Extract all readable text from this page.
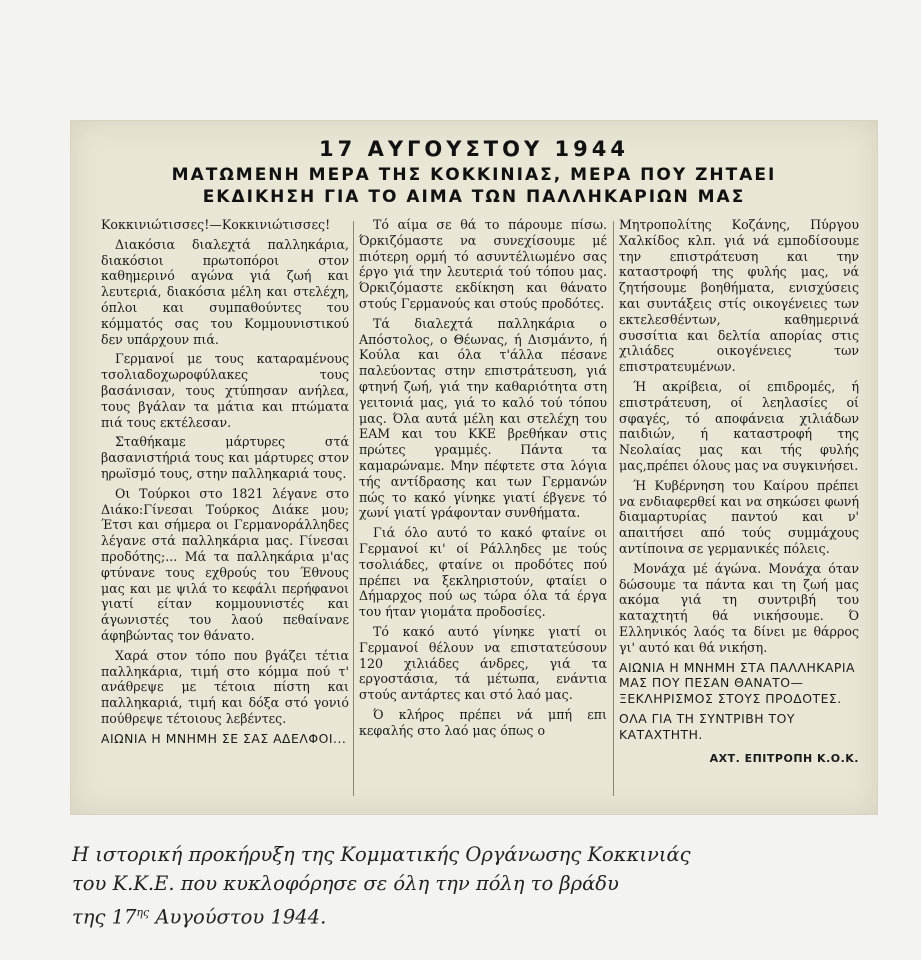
17 ΑΥΓΟΥΣΤΟΥ 1944
ΜΑΤΩΜΕΝΗ ΜΕΡΑ ΤΗΣ ΚΟΚΚΙΝΙΑΣ, ΜΕΡΑ ΠΟΥ ΖΗΤΑΕΙ
ΕΚΔΙΚΗΣΗ ΓΙΑ ΤΟ ΑΙΜΑ ΤΩΝ ΠΑΛΛΗΚΑΡΙΩΝ ΜΑΣ

Κοκκινιώτισσες!—Κοκκινιώτισσες!

Διακόσια διαλεχτά παλληκάρια, διακόσιοι πρωτοπόροι στον καθημερινό αγώνα γιά ζωή και λευτεριά, διακόσια μέλη και στελέχη, όπλοι και συμπαθούντες του κόμματός σας του Κομμουνιστικού δεν υπάρχουν πιά.

Γερμανοί με τους καταραμένους τσολιαδοχωροφύλακες τους βασάνισαν, τους χτύπησαν ανήλεα, τους βγάλαν τα μάτια και πτώματα πιά τους εκτέλεσαν.

Σταθήκαμε μάρτυρες στά βασανιστήριά τους και μάρτυρες στον ηρωϊσμό τους, στην παλληκαριά τους.

Οι Τούρκοι στο 1821 λέγανε στο Διάκο:Γίνεσαι Τούρκος Διάκε μου; Έτσι και σήμερα οι Γερμανοράλληδες λέγανε στά παλληκάρια μας. Γίνεσαι προδότης;... Μά τα παλληκάρια μ'ας φτύνανε τους εχθρούς του Έθνους μας και με ψιλά το κεφάλι περήφανοι γιατί είταν κομμουνιστές και άγωνιστές του λαού πεθαίνανε άφηβώντας τον θάνατο.

Χαρά στον τόπο που βγάζει τέτια παλληκάρια, τιμή στο κόμμα πού τ' ανάθρεψε με τέτοια πίστη και παλληκαριά, τιμή και δόξα στό γονιό πούθρεψε τέτοιους λεβέντες.

ΑΙΩΝΙΑ Η ΜΝΗΜΗ ΣΕ ΣΑΣ ΑΔΕΛΦΟΙ...

Τό αίμα σε θά το πάρουμε πίσω. Όρκιζόμαστε να συνεχίσουμε μέ πιότερη ορμή τό ασυντέλιωμένο σας έργο γιά την λευτεριά τού τόπου μας. Όρκιζόμαστε εκδίκηση και θάνατο στούς Γερμανούς και στούς προδότες.

Τά διαλεχτά παλληκάρια ο Απόστολος, ο Θέωνας, ή Δισμάντο, ή Κούλα και όλα τ'άλλα πέσανε παλεύοντας στην επιστράτευση, γιά φτηνή ζωή, γιά την καθαριότητα στη γειτονιά μας, γιά το καλό τού τόπου μας. Όλα αυτά μέλη και στελέχη του ΕΑΜ και του ΚΚΕ βρεθήκαν στις πρώτες γραμμές. Πάντα τα καμαρώναμε. Μην πέφτετε στα λόγια τής αντίδρασης και των Γερμανών πώς το κακό γίνηκε γιατί έβγενε τό χωνί γιατί γράφονταν συνθήματα.

Γιά όλο αυτό το κακό φταίνε οι Γερμανοί κι' οί Ράλληδες με τούς τσολιάδες, φταίνε οι προδότες πού πρέπει να ξεκληριστούν, φταίει ο Δήμαρχος πού ως τώρα όλα τά έργα του ήταν γιομάτα προδοσίες.

Τό κακό αυτό γίνηκε γιατί οι Γερμανοί θέλουν να επιστατεύσουν 120 χιλιάδες άνδρες, γιά τα εργοστάσια, τά μέτωπα, ενάντια στούς αντάρτες και στό λαό μας.

Ό κλήρος πρέπει νά μπή επι κεφαλής στο λαό μας όπως ο

Μητροπολίτης Κοζάνης, Πύργου Χαλκίδος κλπ. γιά νά εμποδίσουμε την επιστράτευση και την καταστροφή της φυλής μας, νά ζητήσουμε βοηθήματα, ενισχύσεις και συντάξεις στίς οικογένειες των εκτελεσθέντων, καθημερινά συσσίτια και δελτία απορίας στις χιλιάδες οικογένειες των επιστρατευμένων.

Ή ακρίβεια, οί επιδρομές, ή επιστράτευση, οί λεηλασίες οί σφαγές, τό αποφάνεια χιλιάδων παιδιών, ή καταστροφή της Νεολαίας μας και τής φυλής μας,πρέπει όλους μας να συγκινήσει.

Ή Κυβέρνηση του Καίρου πρέπει να ενδιαφερθεί και να σηκώσει φωνή διαμαρτυρίας παντού και ν' απαιτήσει από τούς συμμάχους αντίποινα σε γερμανικές πόλεις.

Μονάχα μέ άγώνα. Μονάχα όταν δώσουμε τα πάντα και τη ζωή μας ακόμα γιά τη συντριβή του καταχτητή θά νικήσουμε. Ό Ελληνικός λαός τα δίνει με θάρρος γι' αυτό και θά νικήση.

ΑΙΩΝΙΑ Η ΜΝΗΜΗ ΣΤΑ ΠΑΛΛΗΚΑΡΙΑ ΜΑΣ ΠΟΥ ΠΕΣΑΝ ΘΑΝΑΤΟ—ΞΕΚΛΗΡΙΣΜΟΣ ΣΤΟΥΣ ΠΡΟΔΟΤΕΣ.

ΟΛΑ ΓΙΑ ΤΗ ΣΥΝΤΡΙΒΗ ΤΟΥ ΚΑΤΑΧΤΗΤΗ.

ΑΧΤ. ΕΠΙΤΡΟΠΗ Κ.Ο.Κ.

Η ιστορική προκήρυξη της Κομματικής Οργάνωσης Κοκκινιάς
του Κ.Κ.Ε. που κυκλοφόρησε σε όλη την πόλη το βράδυ
της $17^{\eta\varsigma}$ Αυγούστου 1944.
